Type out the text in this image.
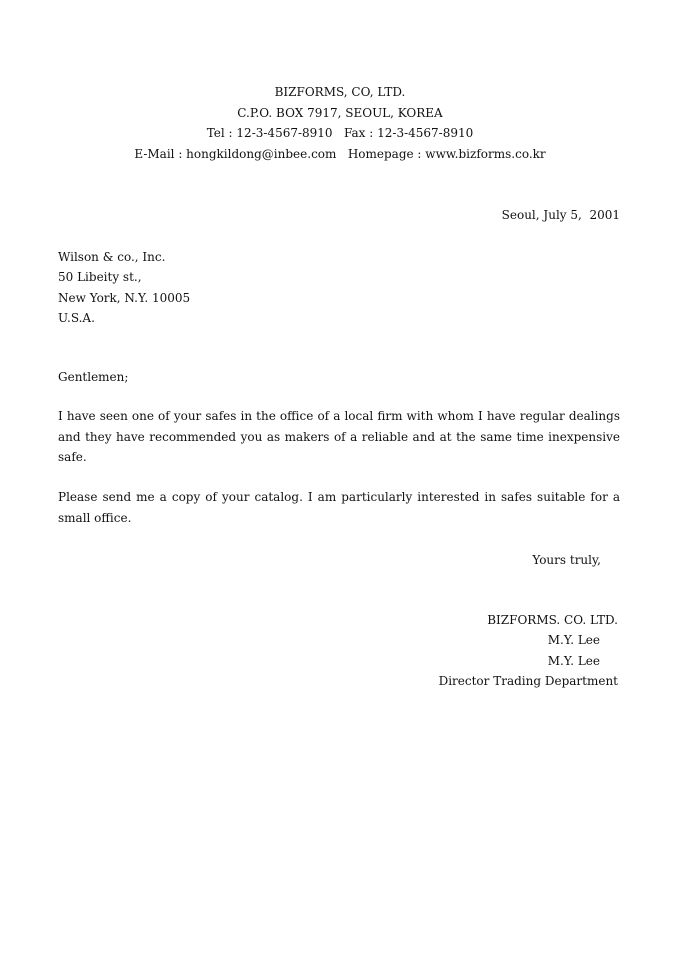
BIZFORMS, CO, LTD.
C.P.O. BOX 7917, SEOUL, KOREA
Tel : 12-3-4567-8910   Fax : 12-3-4567-8910
E-Mail : hongkildong@inbee.com   Homepage : www.bizforms.co.kr
Seoul, July 5,  2001
Wilson & co., Inc.
50 Libeity st.,
New York, N.Y. 10005
U.S.A.
Gentlemen;
I have seen one of your safes in the office of a local firm with whom I have regular dealings and they have recommended you as makers of a reliable and at the same time inexpensive safe.
Please send me a copy of your catalog. I am particularly interested in safes suitable for a small office.
Yours truly,
BIZFORMS. CO. LTD.
M.Y. Lee
M.Y. Lee
Director Trading Department
